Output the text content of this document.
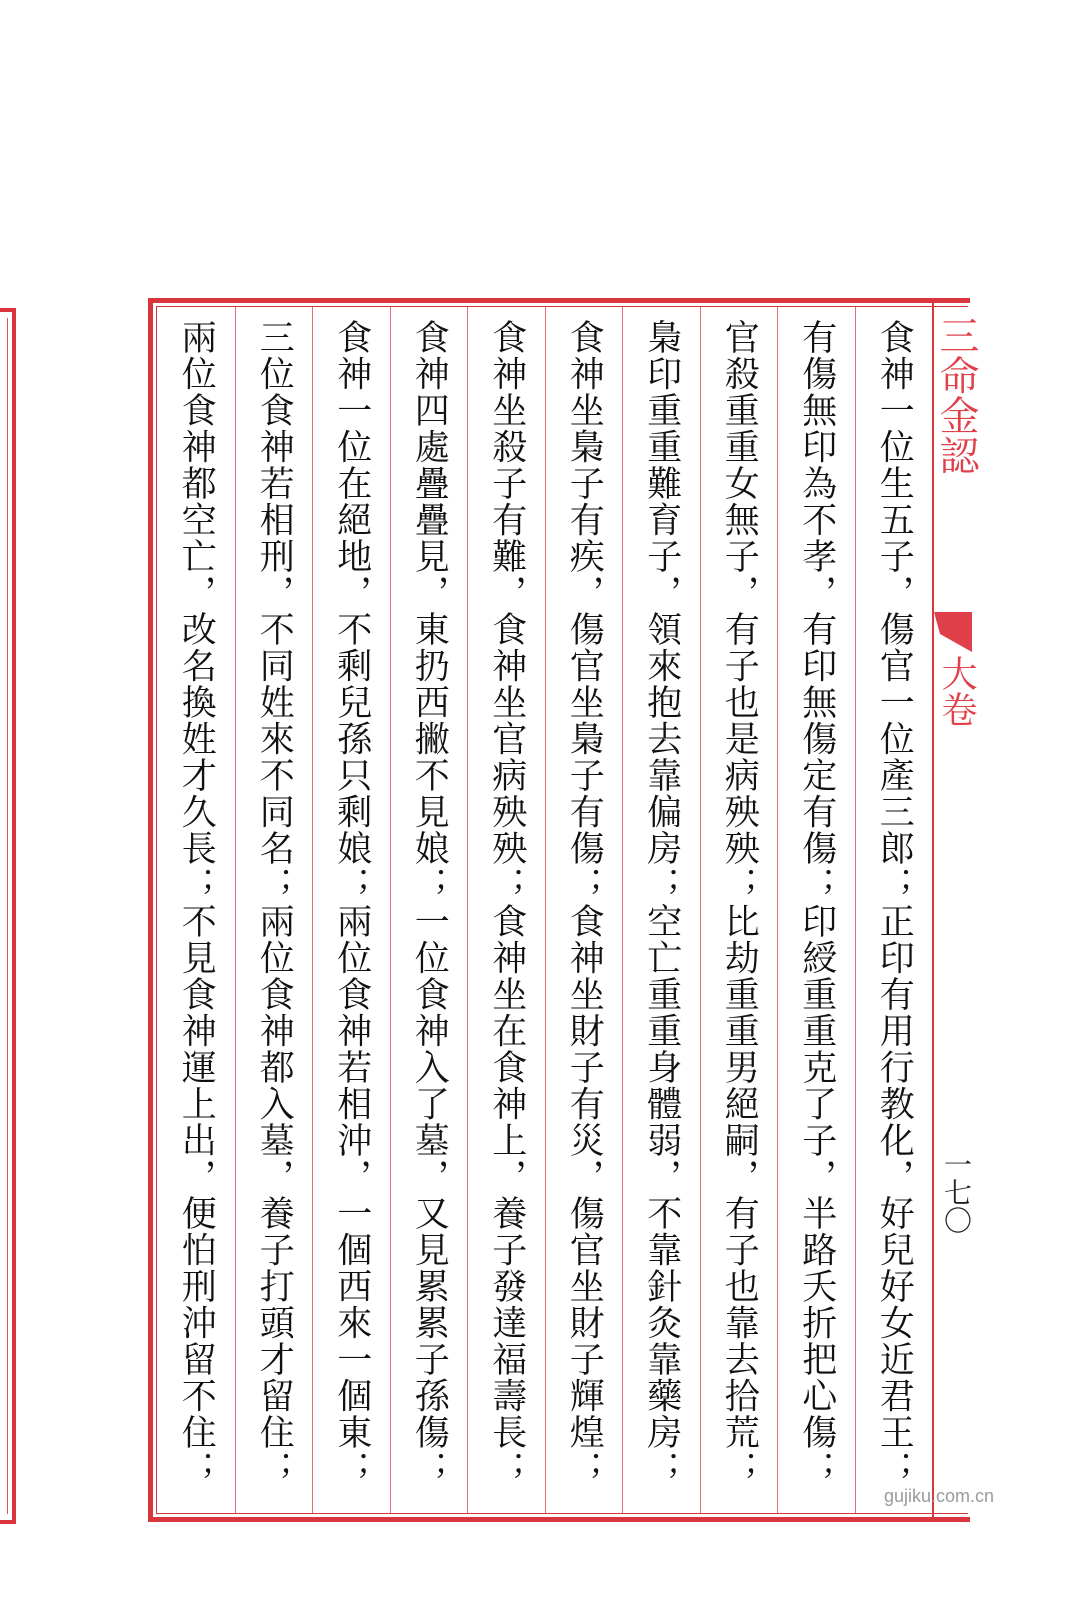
食神一位生五子，傷官一位產三郎；正印有用行教化，好兒好女近君王；
有傷無印為不孝，有印無傷定有傷；印綬重重克了子，半路夭折把心傷；
官殺重重女無子，有子也是病殃殃；比劫重重男絕嗣，有子也靠去拾荒；
梟印重重難育子，領來抱去靠偏房；空亡重重身體弱，不靠針灸靠藥房；
食神坐梟子有疾，傷官坐梟子有傷；食神坐財子有災，傷官坐財子輝煌；
食神坐殺子有難，食神坐官病殃殃；食神坐在食神上，養子發達福壽長；
食神四處疊疊見，東扔西撇不見娘；一位食神入了墓，又見累累子孫傷；
食神一位在絕地，不剩兒孫只剩娘；兩位食神若相沖，一個西來一個東；
三位食神若相刑，不同姓來不同名；兩位食神都入墓，養子打頭才留住；
兩位食神都空亡，改名換姓才久長；不見食神運上出，便怕刑沖留不住；	三命金認
大卷
一七〇
gujiku.com.cn
